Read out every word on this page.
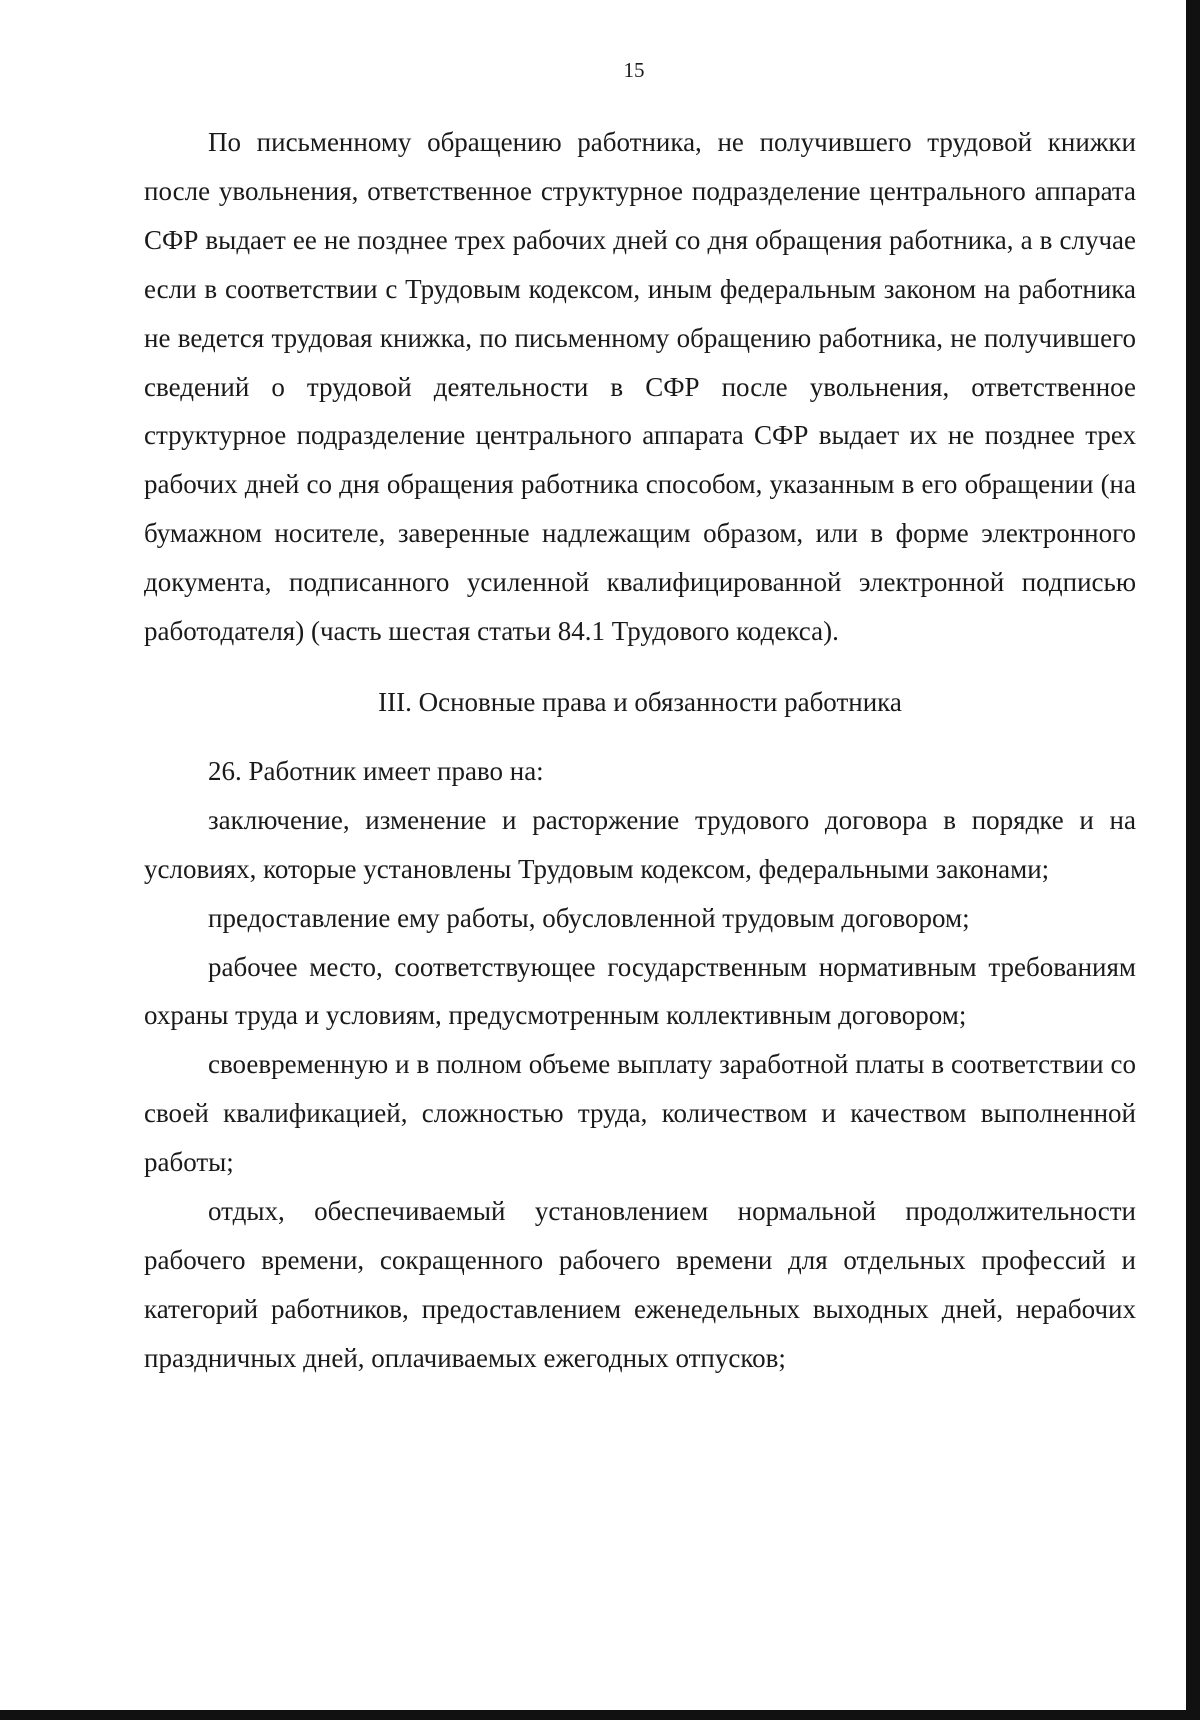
15

По письменному обращению работника, не получившего трудовой книжки после увольнения, ответственное структурное подразделение центрального аппарата СФР выдает ее не позднее трех рабочих дней со дня обращения работника, а в случае если в соответствии с Трудовым кодексом, иным федеральным законом на работника не ведется трудовая книжка, по письменному обращению работника, не получившего сведений о трудовой деятельности в СФР после увольнения, ответственное структурное подразделение центрального аппарата СФР выдает их не позднее трех рабочих дней со дня обращения работника способом, указанным в его обращении (на бумажном носителе, заверенные надлежащим образом, или в форме электронного документа, подписанного усиленной квалифицированной электронной подписью работодателя) (часть шестая статьи 84.1 Трудового кодекса).

III. Основные права и обязанности работника

26. Работник имеет право на:

заключение, изменение и расторжение трудового договора в порядке и на условиях, которые установлены Трудовым кодексом, федеральными законами;

предоставление ему работы, обусловленной трудовым договором;

рабочее место, соответствующее государственным нормативным требованиям охраны труда и условиям, предусмотренным коллективным договором;

своевременную и в полном объеме выплату заработной платы в соответствии со своей квалификацией, сложностью труда, количеством и качеством выполненной работы;

отдых, обеспечиваемый установлением нормальной продолжительности рабочего времени, сокращенного рабочего времени для отдельных профессий и категорий работников, предоставлением еженедельных выходных дней, нерабочих праздничных дней, оплачиваемых ежегодных отпусков;
